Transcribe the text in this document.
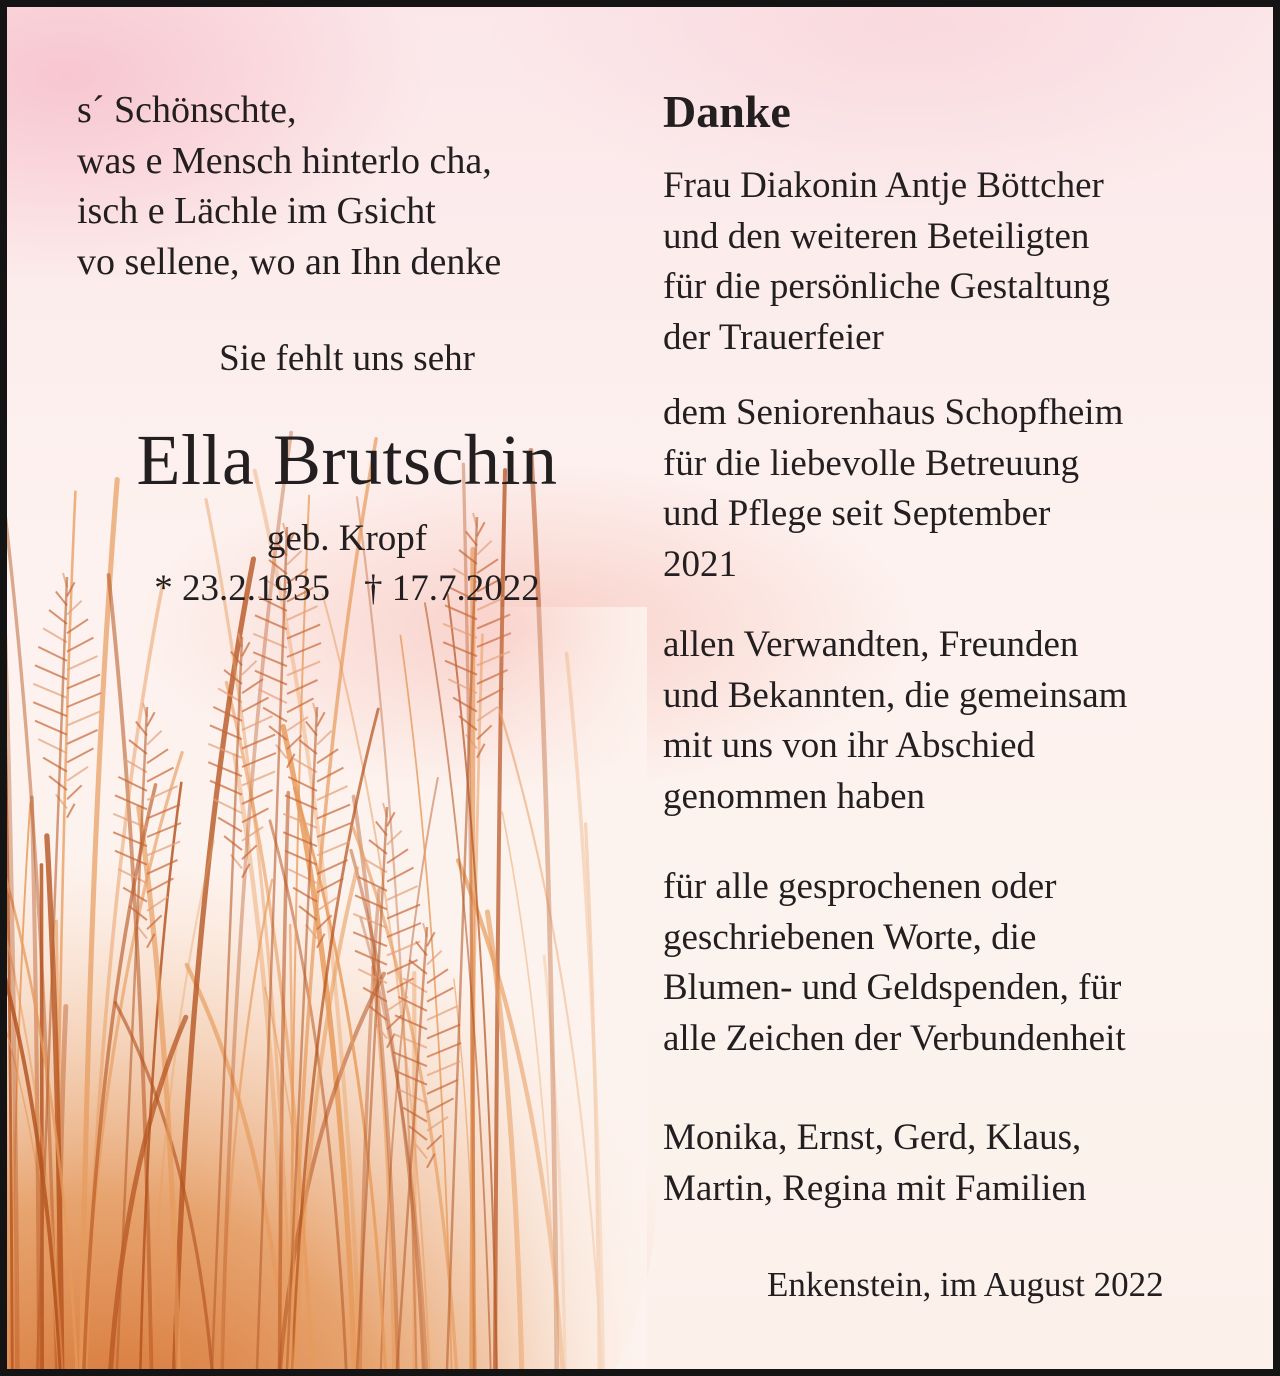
s´ Schönschte,
was e Mensch hinterlo cha,
isch e Lächle im Gsicht
vo sellene, wo an Ihn denke
Sie fehlt uns sehr
Ella Brutschin
geb. Kropf
* 23.2.1935 † 17.7.2022
Danke
Frau Diakonin Antje Böttcher
und den weiteren Beteiligten
für die persönliche Gestaltung
der Trauerfeier
dem Seniorenhaus Schopfheim
für die liebevolle Betreuung
und Pflege seit September
2021
allen Verwandten, Freunden
und Bekannten, die gemeinsam
mit uns von ihr Abschied
genommen haben
für alle gesprochenen oder
geschriebenen Worte, die
Blumen- und Geldspenden, für
alle Zeichen der Verbundenheit
Monika, Ernst, Gerd, Klaus,
Martin, Regina mit Familien
Enkenstein, im August 2022
